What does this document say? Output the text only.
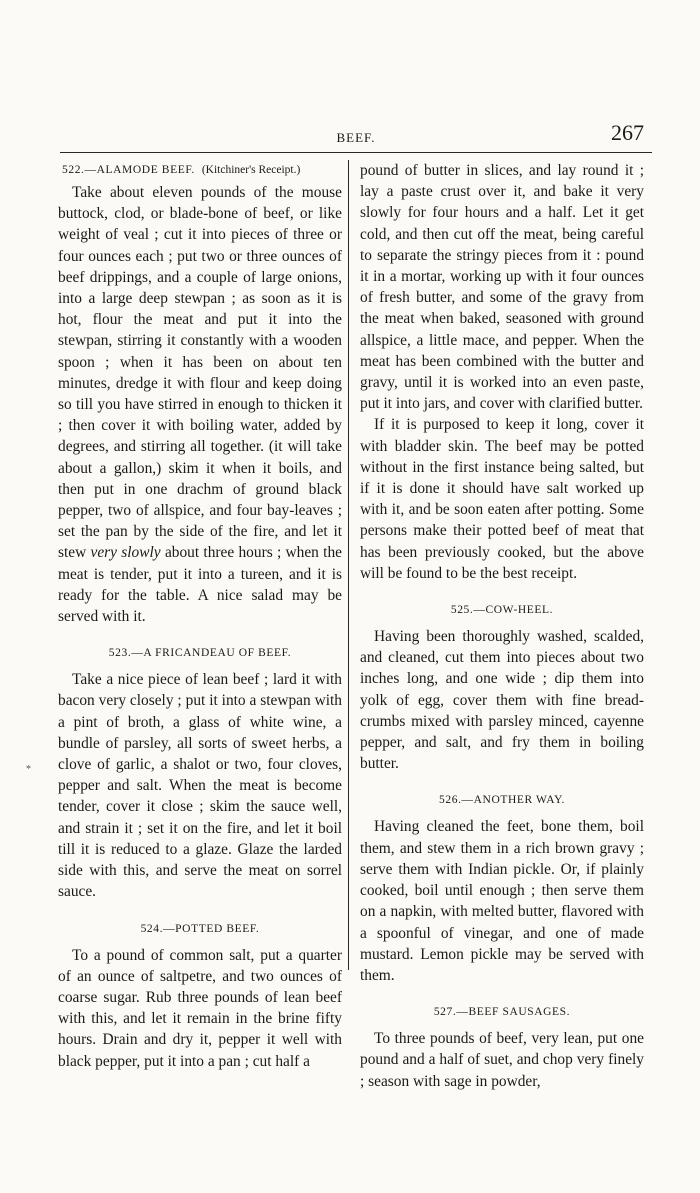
BEEF.	267
522.—ALAMODE BEEF. (Kitchiner's Receipt.)

Take about eleven pounds of the mouse buttock, clod, or blade-bone of beef, or like weight of veal ; cut it into pieces of three or four ounces each ; put two or three ounces of beef drippings, and a couple of large onions, into a large deep stewpan ; as soon as it is hot, flour the meat and put it into the stewpan, stirring it constantly with a wooden spoon ; when it has been on about ten minutes, dredge it with flour and keep doing so till you have stirred in enough to thicken it ; then cover it with boiling water, added by degrees, and stirring all together. (it will take about a gallon,) skim it when it boils, and then put in one drachm of ground black pepper, two of allspice, and four bay-leaves ; set the pan by the side of the fire, and let it stew very slowly about three hours ; when the meat is tender, put it into a tureen, and it is ready for the table. A nice salad may be served with it.

523.—A FRICANDEAU OF BEEF.

Take a nice piece of lean beef ; lard it with bacon very closely ; put it into a stewpan with a pint of broth, a glass of white wine, a bundle of parsley, all sorts of sweet herbs, a clove of garlic, a shalot or two, four cloves, pepper and salt. When the meat is become tender, cover it close ; skim the sauce well, and strain it ; set it on the fire, and let it boil till it is reduced to a glaze. Glaze the larded side with this, and serve the meat on sorrel sauce.

524.—POTTED BEEF.

To a pound of common salt, put a quarter of an ounce of saltpetre, and two ounces of coarse sugar. Rub three pounds of lean beef with this, and let it remain in the brine fifty hours. Drain and dry it, pepper it well with black pepper, put it into a pan ; cut half a

pound of butter in slices, and lay round it ; lay a paste crust over it, and bake it very slowly for four hours and a half. Let it get cold, and then cut off the meat, being careful to separate the stringy pieces from it : pound it in a mortar, working up with it four ounces of fresh butter, and some of the gravy from the meat when baked, seasoned with ground allspice, a little mace, and pepper. When the meat has been combined with the butter and gravy, until it is worked into an even paste, put it into jars, and cover with clarified butter.

If it is purposed to keep it long, cover it with bladder skin. The beef may be potted without in the first instance being salted, but if it is done it should have salt worked up with it, and be soon eaten after potting. Some persons make their potted beef of meat that has been previously cooked, but the above will be found to be the best receipt.

525.—COW-HEEL.

Having been thoroughly washed, scalded, and cleaned, cut them into pieces about two inches long, and one wide ; dip them into yolk of egg, cover them with fine bread-crumbs mixed with parsley minced, cayenne pepper, and salt, and fry them in boiling butter.

526.—ANOTHER WAY.

Having cleaned the feet, bone them, boil them, and stew them in a rich brown gravy ; serve them with Indian pickle. Or, if plainly cooked, boil until enough ; then serve them on a napkin, with melted butter, flavored with a spoonful of vinegar, and one of made mustard. Lemon pickle may be served with them.

527.—BEEF SAUSAGES.

To three pounds of beef, very lean, put one pound and a half of suet, and chop very finely ; season with sage in powder,

*
